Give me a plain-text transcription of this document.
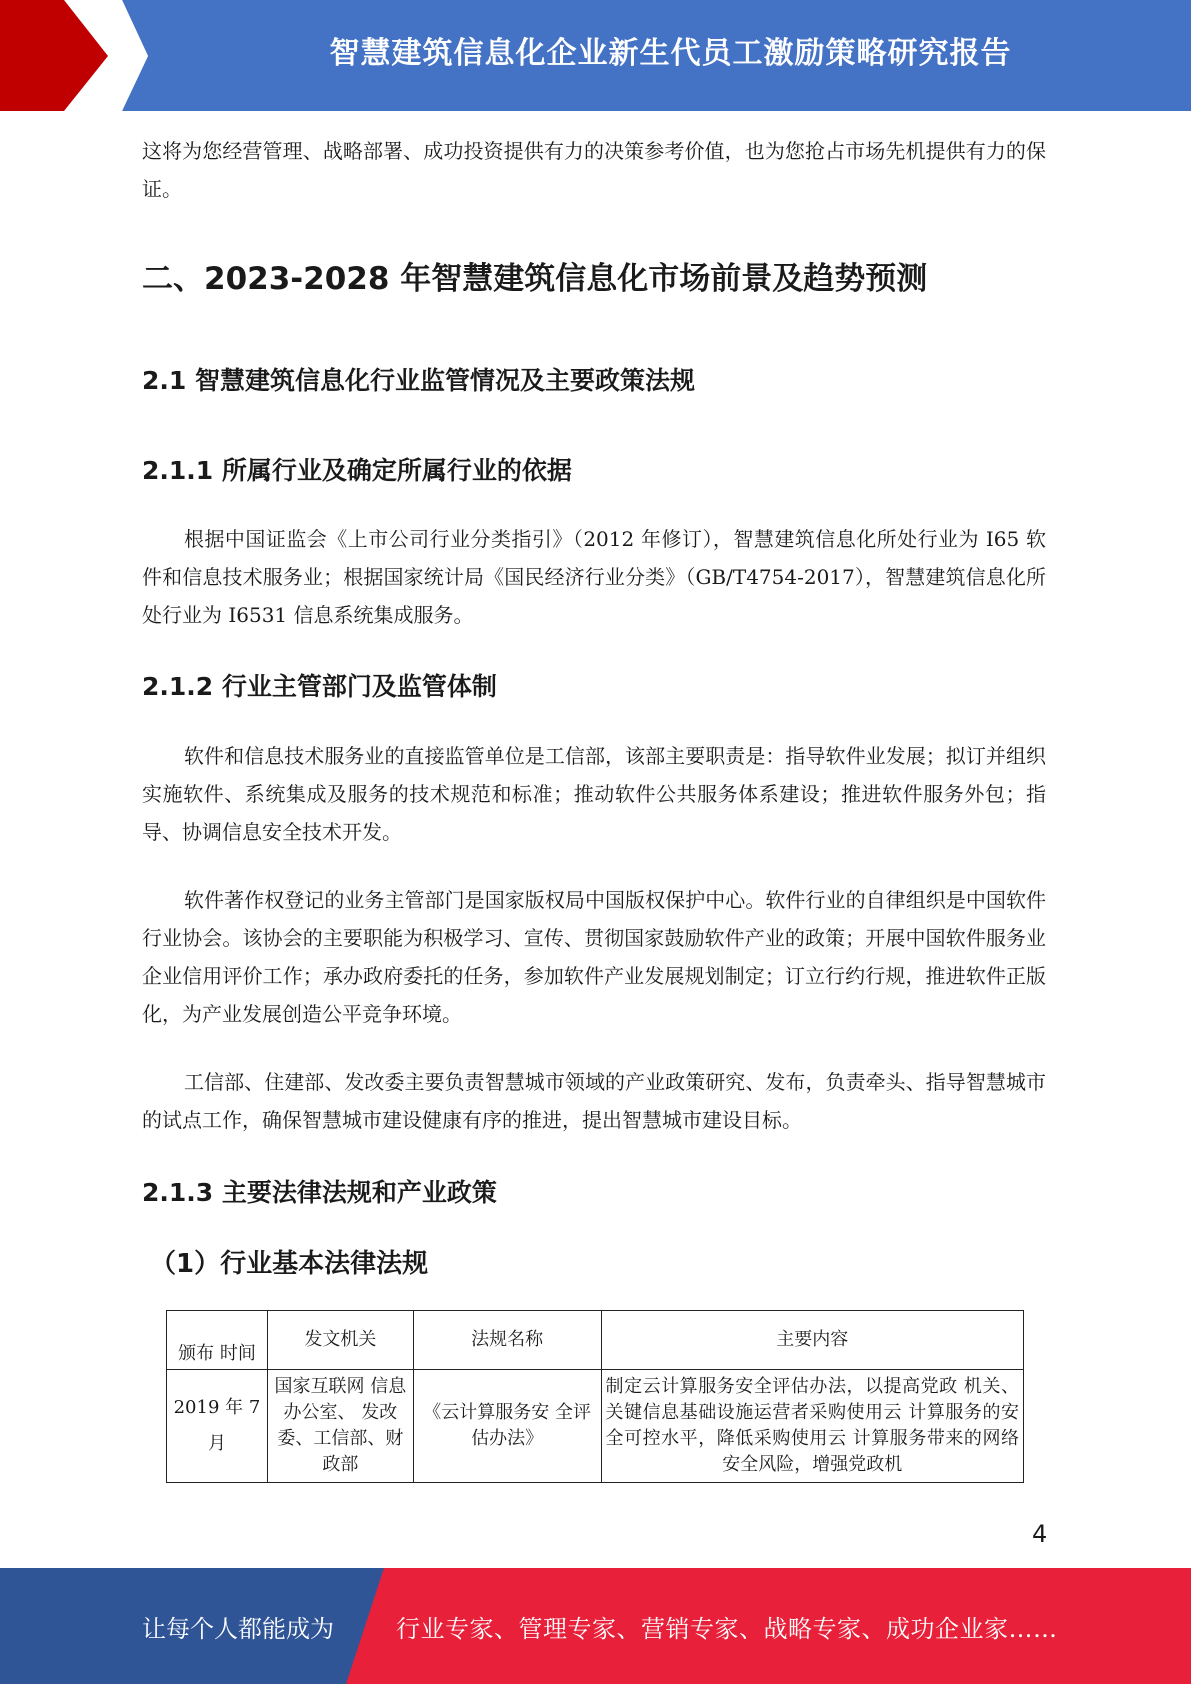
智慧建筑信息化企业新生代员工激励策略研究报告

这将为您经营管理、战略部署、成功投资提供有力的决策参考价值，也为您抢占市场先机提供有力的保证。

二、2023-2028 年智慧建筑信息化市场前景及趋势预测
2.1 智慧建筑信息化行业监管情况及主要政策法规
2.1.1 所属行业及确定所属行业的依据

根据中国证监会《上市公司行业分类指引》（2012 年修订），智慧建筑信息化所处行业为 I65 软件和信息技术服务业；根据国家统计局《国民经济行业分类》（GB/T4754-2017），智慧建筑信息化所处行业为 I6531 信息系统集成服务。

2.1.2 行业主管部门及监管体制

软件和信息技术服务业的直接监管单位是工信部，该部主要职责是：指导软件业发展；拟订并组织实施软件、系统集成及服务的技术规范和标准；推动软件公共服务体系建设；推进软件服务外包；指导、协调信息安全技术开发。

软件著作权登记的业务主管部门是国家版权局中国版权保护中心。软件行业的自律组织是中国软件行业协会。该协会的主要职能为积极学习、宣传、贯彻国家鼓励软件产业的政策；开展中国软件服务业企业信用评价工作；承办政府委托的任务，参加软件产业发展规划制定；订立行约行规，推进软件正版化，为产业发展创造公平竞争环境。

工信部、住建部、发改委主要负责智慧城市领域的产业政策研究、发布，负责牵头、指导智慧城市的试点工作，确保智慧城市建设健康有序的推进，提出智慧城市建设目标。

2.1.3 主要法律法规和产业政策
（1）行业基本法律法规
颁布 时间	发文机关	法规名称	主要内容
2019 年 7月	国家互联网 信息办公室、 发改委、工信部、财政部	《云计算服务安 全评估办法》	制定云计算服务安全评估办法，以提高党政 机关、关键信息基础设施运营者采购使用云 计算服务的安全可控水平，降低采购使用云 计算服务带来的网络安全风险，增强党政机
4
让每个人都能成为	行业专家、管理专家、营销专家、战略专家、成功企业家……
